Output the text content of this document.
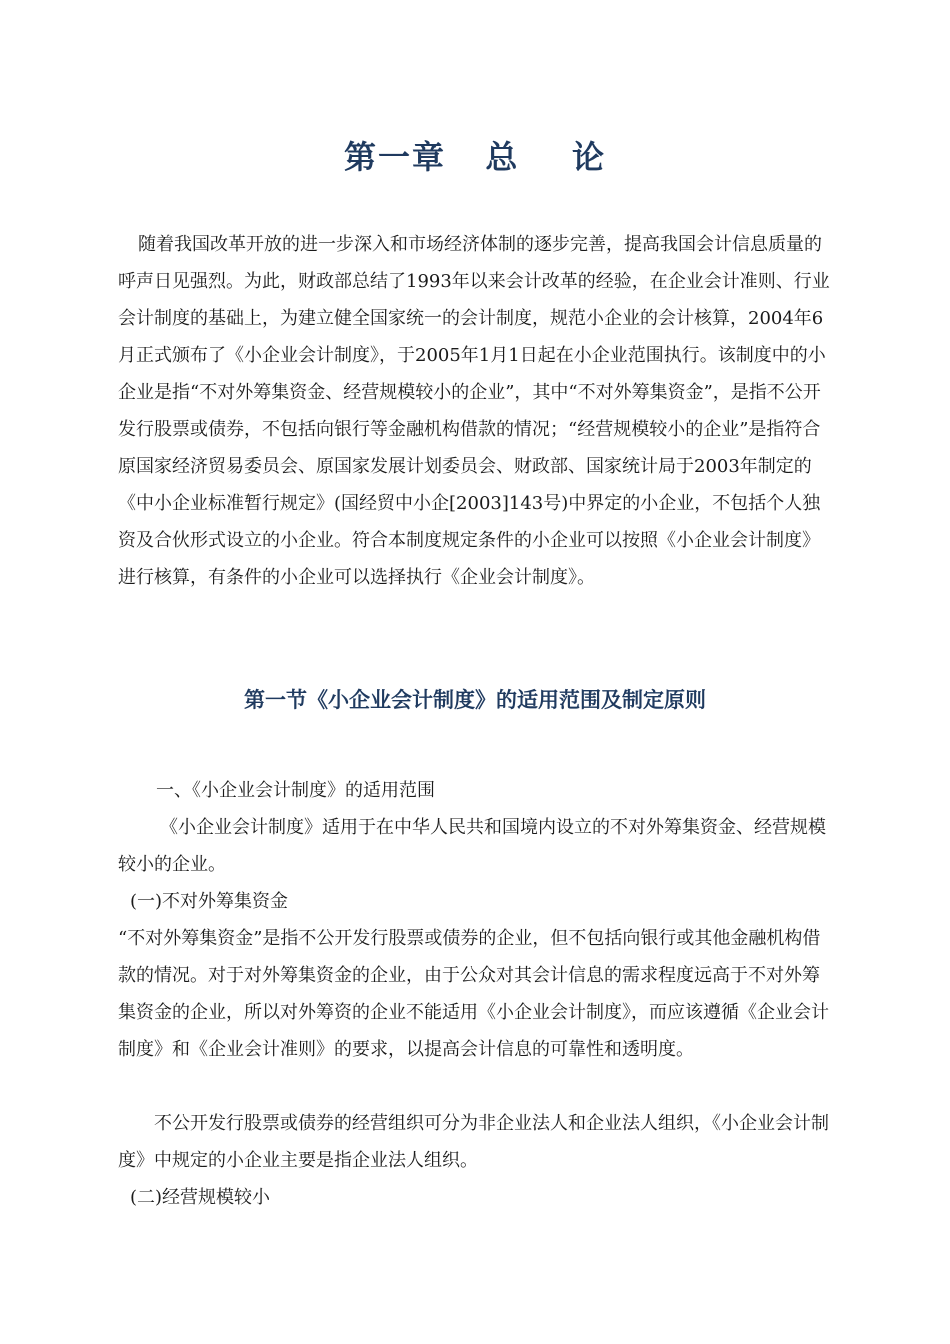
第一章   总    论
随着我国改革开放的进一步深入和市场经济体制的逐步完善，提高我国会计信息质量的呼声日见强烈。为此，财政部总结了1993年以来会计改革的经验，在企业会计准则、行业会计制度的基础上，为建立健全国家统一的会计制度，规范小企业的会计核算，2004年6月正式颁布了《小企业会计制度》，于2005年1月1日起在小企业范围执行。该制度中的小企业是指“不对外筹集资金、经营规模较小的企业”，其中“不对外筹集资金”，是指不公开发行股票或债券，不包括向银行等金融机构借款的情况；“经营规模较小的企业”是指符合原国家经济贸易委员会、原国家发展计划委员会、财政部、国家统计局于2003年制定的《中小企业标准暂行规定》(国经贸中小企[2003]143号)中界定的小企业，不包括个人独资及合伙形式设立的小企业。符合本制度规定条件的小企业可以按照《小企业会计制度》进行核算，有条件的小企业可以选择执行《企业会计制度》。
第一节《小企业会计制度》的适用范围及制定原则
一、《小企业会计制度》的适用范围
《小企业会计制度》适用于在中华人民共和国境内设立的不对外筹集资金、经营规模较小的企业。
(一)不对外筹集资金
“不对外筹集资金”是指不公开发行股票或债券的企业，但不包括向银行或其他金融机构借款的情况。对于对外筹集资金的企业，由于公众对其会计信息的需求程度远高于不对外筹集资金的企业，所以对外筹资的企业不能适用《小企业会计制度》，而应该遵循《企业会计制度》和《企业会计准则》的要求，以提高会计信息的可靠性和透明度。
不公开发行股票或债券的经营组织可分为非企业法人和企业法人组织，《小企业会计制度》中规定的小企业主要是指企业法人组织。
(二)经营规模较小
